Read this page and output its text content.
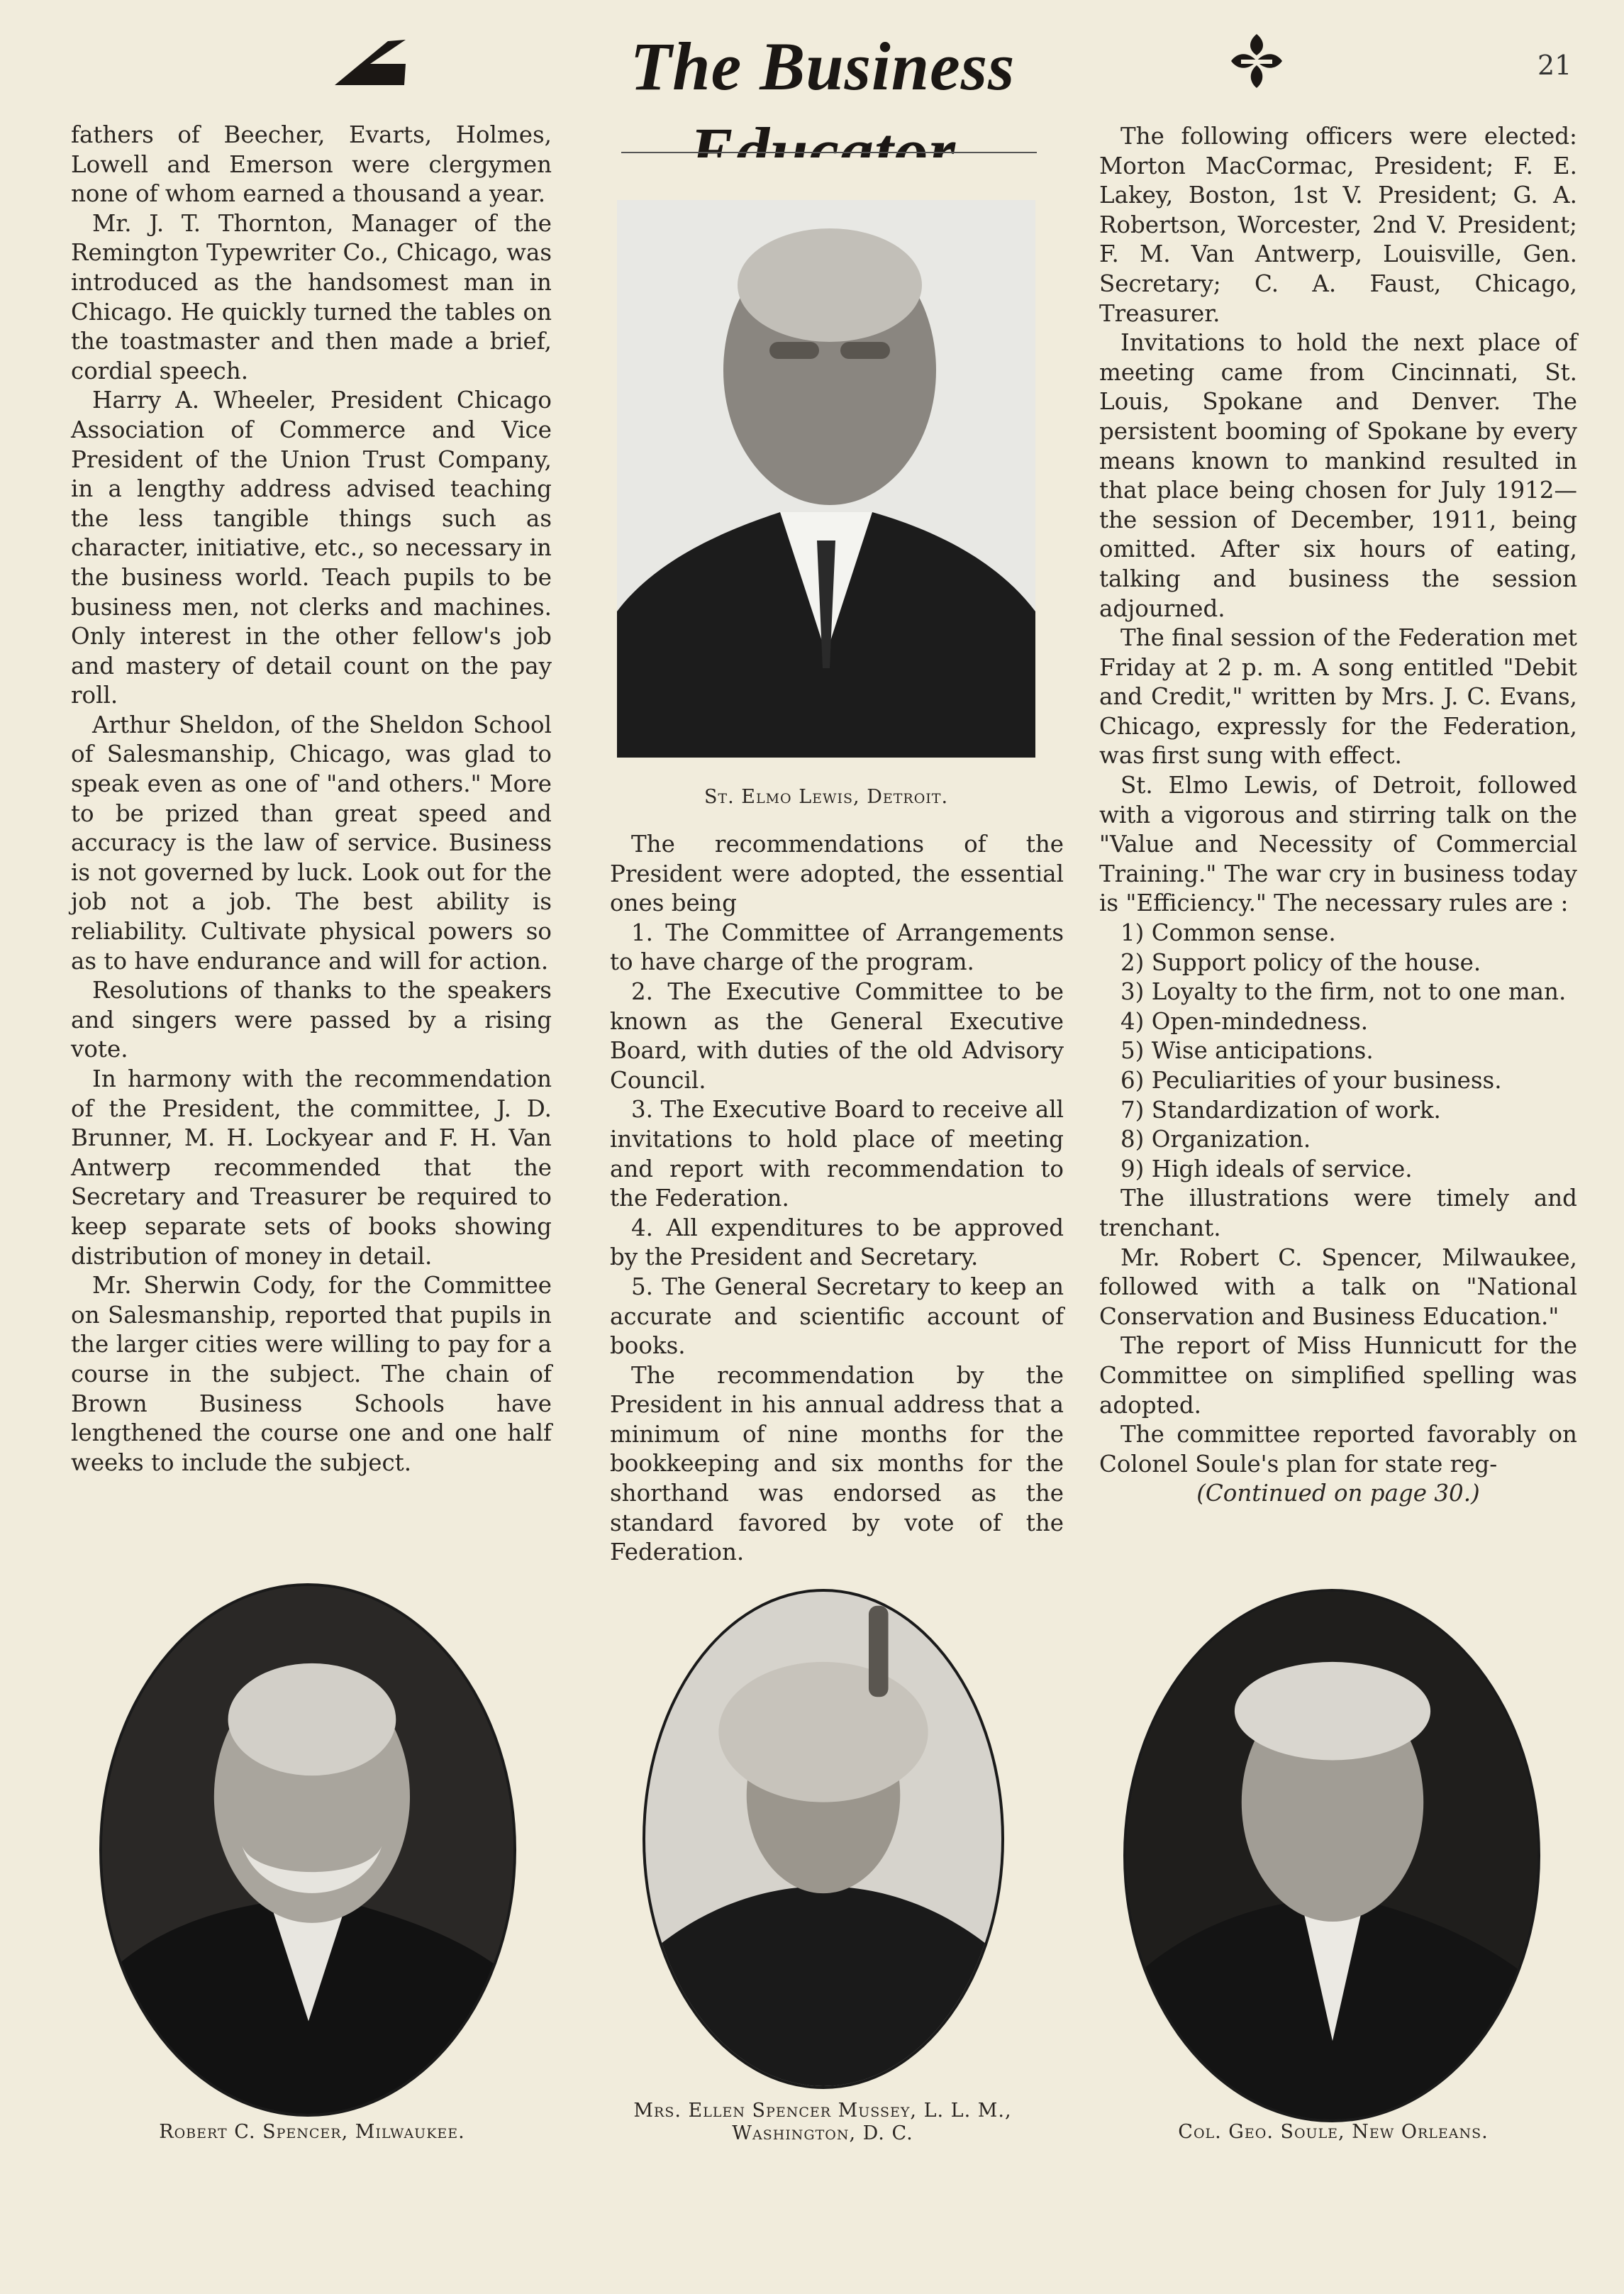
The Business	21

fathers of Beecher, Evarts, Holmes, Lowell and Emerson were clergymen none of whom earned a thousand a year.

Mr. J. T. Thornton, Manager of the Remington Typewriter Co., Chicago, was introduced as the handsomest man in Chicago. He quickly turned the tables on the toastmaster and then made a brief, cordial speech.

Harry A. Wheeler, President Chicago Association of Commerce and Vice President of the Union Trust Company, in a lengthy address advised teaching the less tangible things such as character, initiative, etc., so necessary in the business world. Teach pupils to be business men, not clerks and machines. Only interest in the other fellow's job and mastery of detail count on the pay roll.

Arthur Sheldon, of the Sheldon School of Salesmanship, Chicago, was glad to speak even as one of "and others." More to be prized than great speed and accuracy is the law of service. Business is not governed by luck. Look out for the job not a job. The best ability is reliability. Cultivate physical powers so as to have endurance and will for action.

Resolutions of thanks to the speakers and singers were passed by a rising vote.

In harmony with the recommendation of the President, the committee, J. D. Brunner, M. H. Lockyear and F. H. Van Antwerp recommended that the Secretary and Treasurer be required to keep separate sets of books showing distribution of money in detail.

Mr. Sherwin Cody, for the Committee on Salesmanship, reported that pupils in the larger cities were willing to pay for a course in the subject. The chain of Brown Business Schools have lengthened the course one and one half weeks to include the subject.

St. Elmo Lewis, Detroit.

The recommendations of the President were adopted, the essential ones being

1. The Committee of Arrangements to have charge of the program.

2. The Executive Committee to be known as the General Executive Board, with duties of the old Advisory Council.

3. The Executive Board to receive all invitations to hold place of meeting and report with recommendation to the Federation.

4. All expenditures to be approved by the President and Secretary.

5. The General Secretary to keep an accurate and scientific account of books.

The recommendation by the President in his annual address that a minimum of nine months for the bookkeeping and six months for the shorthand was endorsed as the standard favored by vote of the Federation.

The following officers were elected: Morton MacCormac, President; F. E. Lakey, Boston, 1st V. President; G. A. Robertson, Worcester, 2nd V. President; F. M. Van Antwerp, Louisville, Gen. Secretary; C. A. Faust, Chicago, Treasurer.

Invitations to hold the next place of meeting came from Cincinnati, St. Louis, Spokane and Denver. The persistent booming of Spokane by every means known to mankind resulted in that place being chosen for July 1912—the session of December, 1911, being omitted. After six hours of eating, talking and business the session adjourned.

The final session of the Federation met Friday at 2 p. m. A song entitled "Debit and Credit," written by Mrs. J. C. Evans, Chicago, expressly for the Federation, was first sung with effect.

St. Elmo Lewis, of Detroit, followed with a vigorous and stirring talk on the "Value and Necessity of Commercial Training." The war cry in business today is "Efficiency." The necessary rules are :

1) Common sense.

2) Support policy of the house.

3) Loyalty to the firm, not to one man.

4) Open-mindedness.

5) Wise anticipations.

6) Peculiarities of your business.

7) Standardization of work.

8) Organization.

9) High ideals of service.

The illustrations were timely and trenchant.

Mr. Robert C. Spencer, Milwaukee, followed with a talk on "National Conservation and Business Education."

The report of Miss Hunnicutt for the Committee on simplified spelling was adopted.

The committee reported favorably on Colonel Soule's plan for state reg-

(Continued on page 30.)

Robert C. Spencer, Milwaukee.
Mrs. Ellen Spencer Mussey, L. L. M.,
Washington, D. C.	Col. Geo. Soule, New Orleans.
